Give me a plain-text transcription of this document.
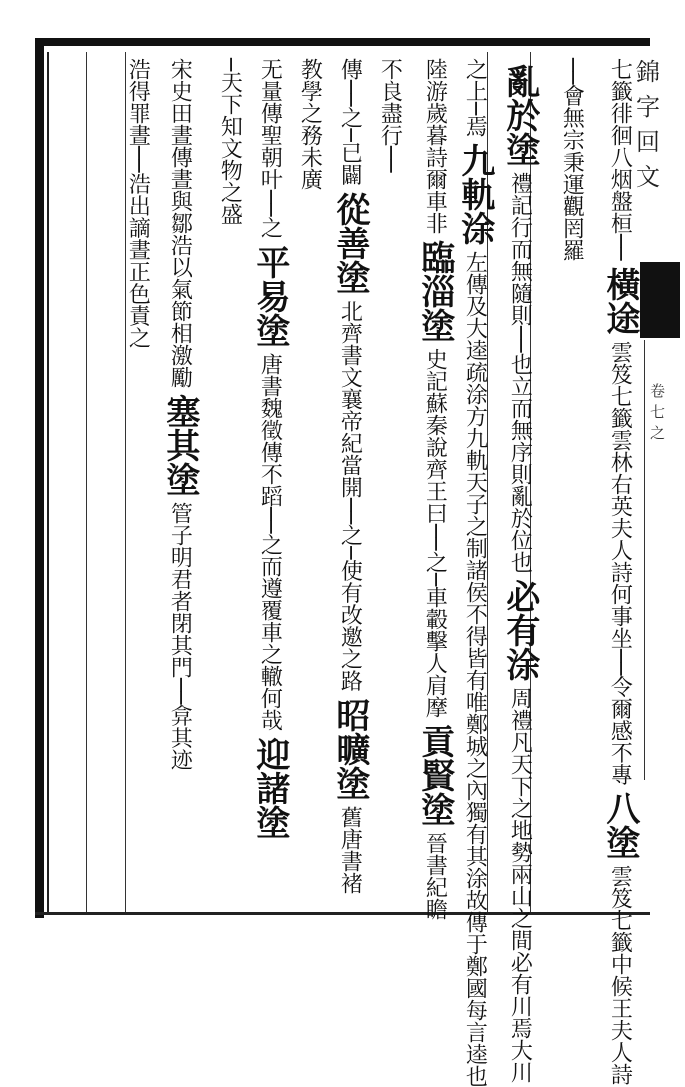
錦字回文
卷七之
七籤徘徊八
烟盤桓
──
橫途
雲笈七籤雲林右英夫人詩
何事坐──令爾感不專
八塗
雲笈七籤中候王夫人詩
──會無宗
秉運觀罔羅
亂於塗
禮記行而無隨則──
也立而無序則亂於位也
必有涂
周禮凡天下之地勢兩
山之間必有川焉大川
之上─焉
九軌涂
左傳及大逵疏涂方九軌天子之制諸侯不得皆
有唯鄭城之內獨有其涂故傳于鄭國每言逵也
陸游歲暮詩爾車非
臨淄塗
史記蘇秦說齊王曰──
之─車轂擊人肩摩
貢賢塗
晉書紀瞻
不良盡行──
傳──之─已闢
從善塗
北齊書文襄帝紀當開─
─之─使有改邀之路
昭曠塗
舊唐書褚
教學之務未廣
无量傳聖朝叶──之
平易塗
唐書魏徵傳不蹈──之
而遵覆車之轍何哉
迎諸塗
─天下知文物之盛
宋史田晝傳晝與鄒浩以氣節相激勵
塞其塗
管子明君者閉其
門──弇其迹
浩得罪晝──浩出謫晝正色責之
